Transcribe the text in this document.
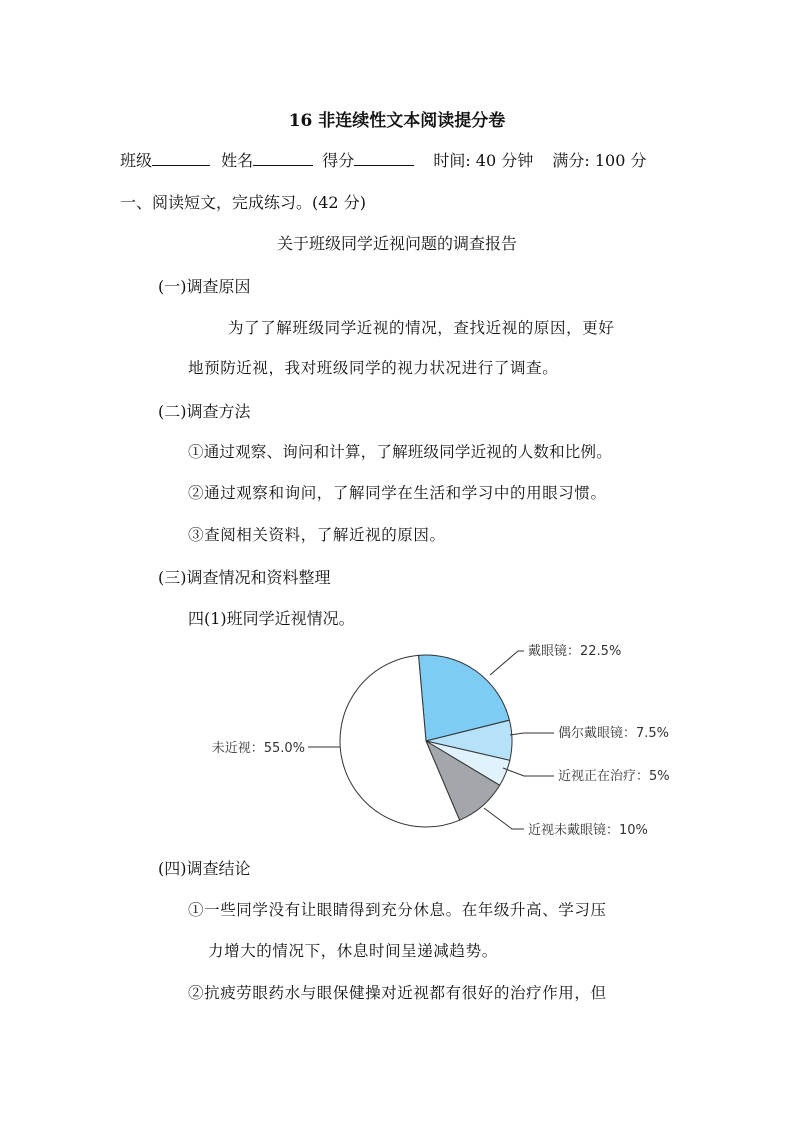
16 非连续性文本阅读提分卷
班级	姓名	得分	时间: 40 分钟 满分: 100 分
一、阅读短文，完成练习。(42 分)
关于班级同学近视问题的调查报告
(一)调查原因
为了了解班级同学近视的情况，查找近视的原因，更好
地预防近视，我对班级同学的视力状况进行了调查。
(二)调查方法
①通过观察、询问和计算，了解班级同学近视的人数和比例。
②通过观察和询问，了解同学在生活和学习中的用眼习惯。
③查阅相关资料，了解近视的原因。
(三)调查情况和资料整理
四(1)班同学近视情况。
戴眼镜：22.5%
偶尔戴眼镜：7.5%
近视正在治疗：5%
近视未戴眼镜：10%
未近视：55.0%
(四)调查结论
①一些同学没有让眼睛得到充分休息。在年级升高、学习压
力增大的情况下，休息时间呈递减趋势。
②抗疲劳眼药水与眼保健操对近视都有很好的治疗作用，但
